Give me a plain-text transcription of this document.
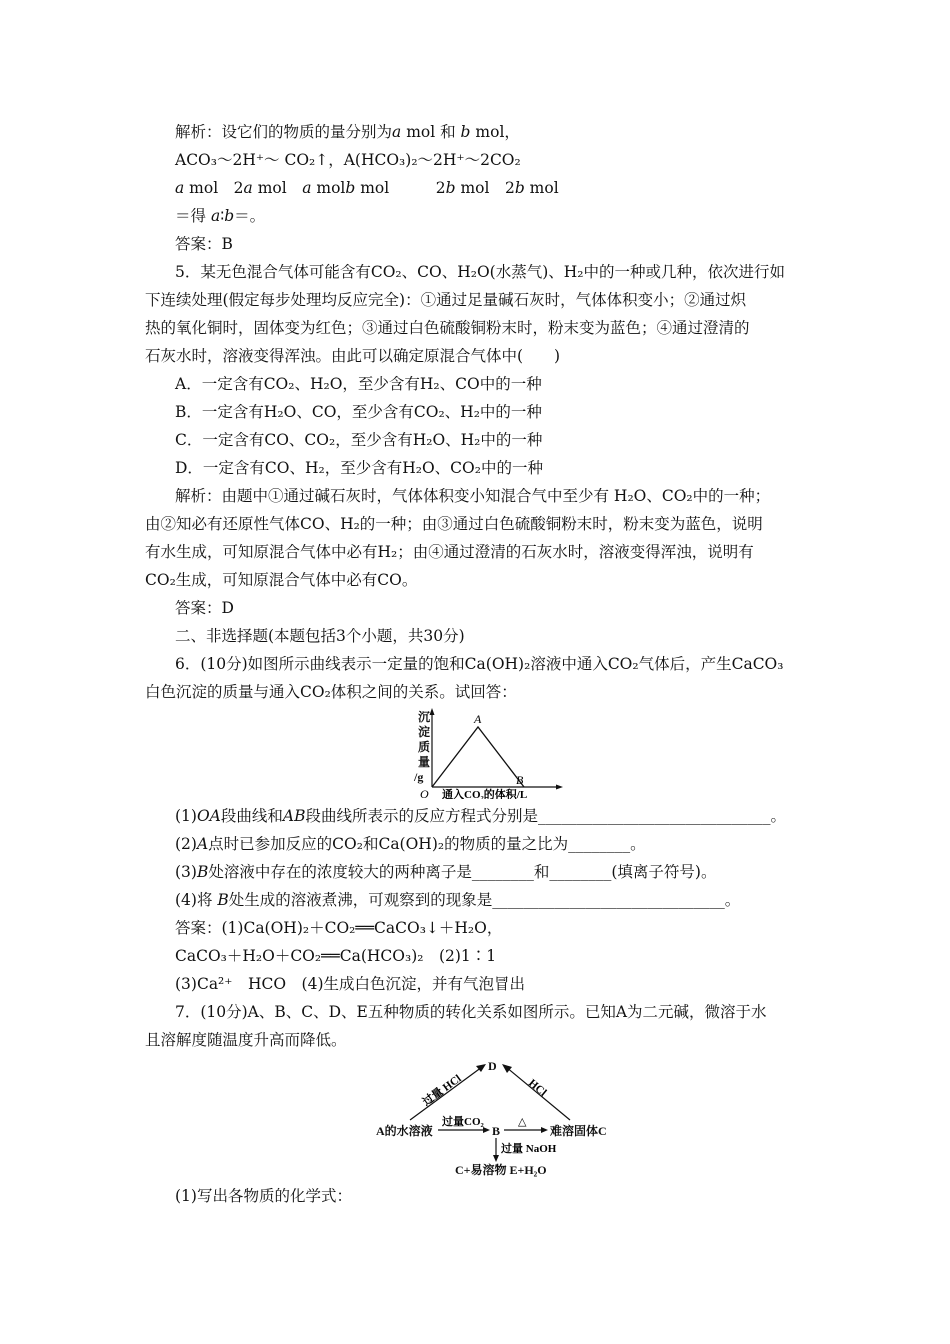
解析：设它们的物质的量分别为a mol 和 b mol，
ACO₃～2H⁺～ CO₂↑，A(HCO₃)₂～2H⁺～2CO₂
a mol　2a mol　a molb mol　　　2b mol　2b mol
＝得 a∶b＝。
答案：B
5．某无色混合气体可能含有CO₂、CO、H₂O(水蒸气)、H₂中的一种或几种，依次进行如
下连续处理(假定每步处理均反应完全)：①通过足量碱石灰时，气体体积变小；②通过炽
热的氧化铜时，固体变为红色；③通过白色硫酸铜粉末时，粉末变为蓝色；④通过澄清的
石灰水时，溶液变得浑浊。由此可以确定原混合气体中(　　)
A．一定含有CO₂、H₂O，至少含有H₂、CO中的一种
B．一定含有H₂O、CO，至少含有CO₂、H₂中的一种
C．一定含有CO、CO₂，至少含有H₂O、H₂中的一种
D．一定含有CO、H₂，至少含有H₂O、CO₂中的一种
解析：由题中①通过碱石灰时，气体体积变小知混合气中至少有 H₂O、CO₂中的一种；
由②知必有还原性气体CO、H₂的一种；由③通过白色硫酸铜粉末时，粉末变为蓝色，说明
有水生成，可知原混合气体中必有H₂；由④通过澄清的石灰水时，溶液变得浑浊，说明有
CO₂生成，可知原混合气体中必有CO。
答案：D
二、非选择题(本题包括3个小题，共30分)
6．(10分)如图所示曲线表示一定量的饱和Ca(OH)₂溶液中通入CO₂气体后，产生CaCO₃
白色沉淀的质量与通入CO₂体积之间的关系。试回答：
沉
淀
质
量
/g
A
B
O 通入CO₂的体积/L
(1)OA段曲线和AB段曲线所表示的反应方程式分别是______________________________。
(2)A点时已参加反应的CO₂和Ca(OH)₂的物质的量之比为________。
(3)B处溶液中存在的浓度较大的两种离子是________和________(填离子符号)。
(4)将 B处生成的溶液煮沸，可观察到的现象是______________________________。
答案：(1)Ca(OH)₂＋CO₂══CaCO₃↓＋H₂O，
CaCO₃＋H₂O＋CO₂══Ca(HCO₃)₂　(2)1∶1
(3)Ca²⁺　HCO　(4)生成白色沉淀，并有气泡冒出
7．(10分)A、B、C、D、E五种物质的转化关系如图所示。已知A为二元碱，微溶于水
且溶解度随温度升高而降低。
D
A的水溶液	B	难溶固体C
C+易溶物 E+H₂O
过量 HCl	HCl
过量CO₂	△
过量 NaOH
(1)写出各物质的化学式：
